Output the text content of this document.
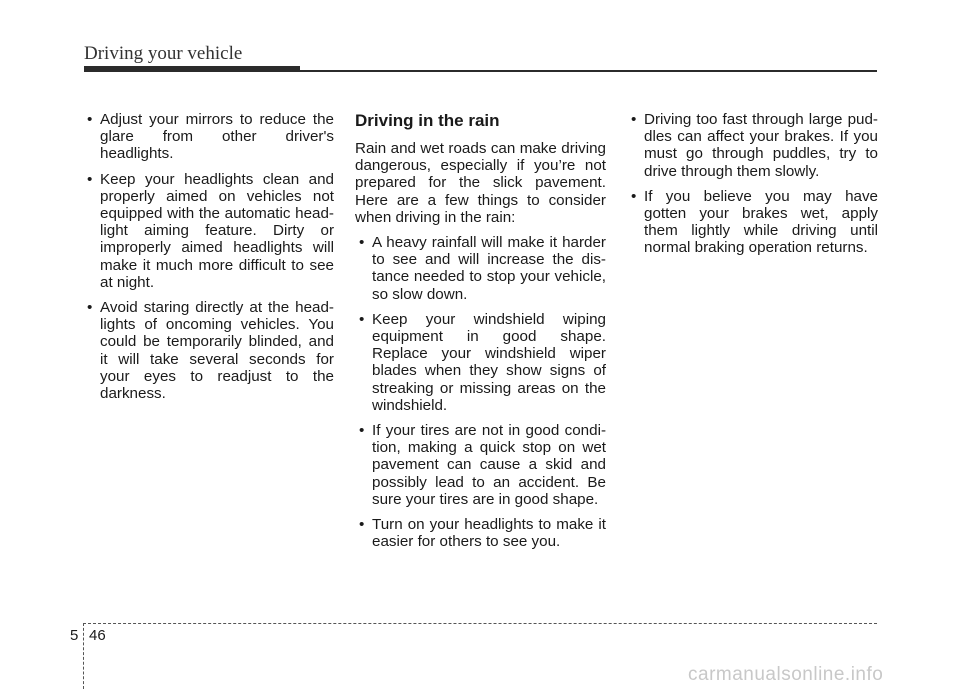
Driving your vehicle
• Adjust your mirrors to reduce the glare from other driver's headlights.
• Keep your headlights clean and properly aimed on vehicles not equipped with the automatic head-light aiming feature. Dirty or improperly aimed headlights will make it much more difficult to see at night.
• Avoid staring directly at the head-lights of oncoming vehicles. You could be temporarily blinded, and it will take several seconds for your eyes to readjust to the darkness.
Driving in the rain

Rain and wet roads can make driving dangerous, especially if you’re not prepared for the slick pavement. Here are a few things to consider when driving in the rain:

• A heavy rainfall will make it harder to see and will increase the dis-tance needed to stop your vehicle, so slow down.
• Keep your windshield wiping equipment in good shape. Replace your windshield wiper blades when they show signs of streaking or missing areas on the windshield.
• If your tires are not in good condi-tion, making a quick stop on wet pavement can cause a skid and possibly lead to an accident. Be sure your tires are in good shape.
• Turn on your headlights to make it easier for others to see you.
• Driving too fast through large pud-dles can affect your brakes. If you must go through puddles, try to drive through them slowly.
• If you believe you may have gotten your brakes wet, apply them lightly while driving until normal braking operation returns.
5 46
carmanualsonline.info
